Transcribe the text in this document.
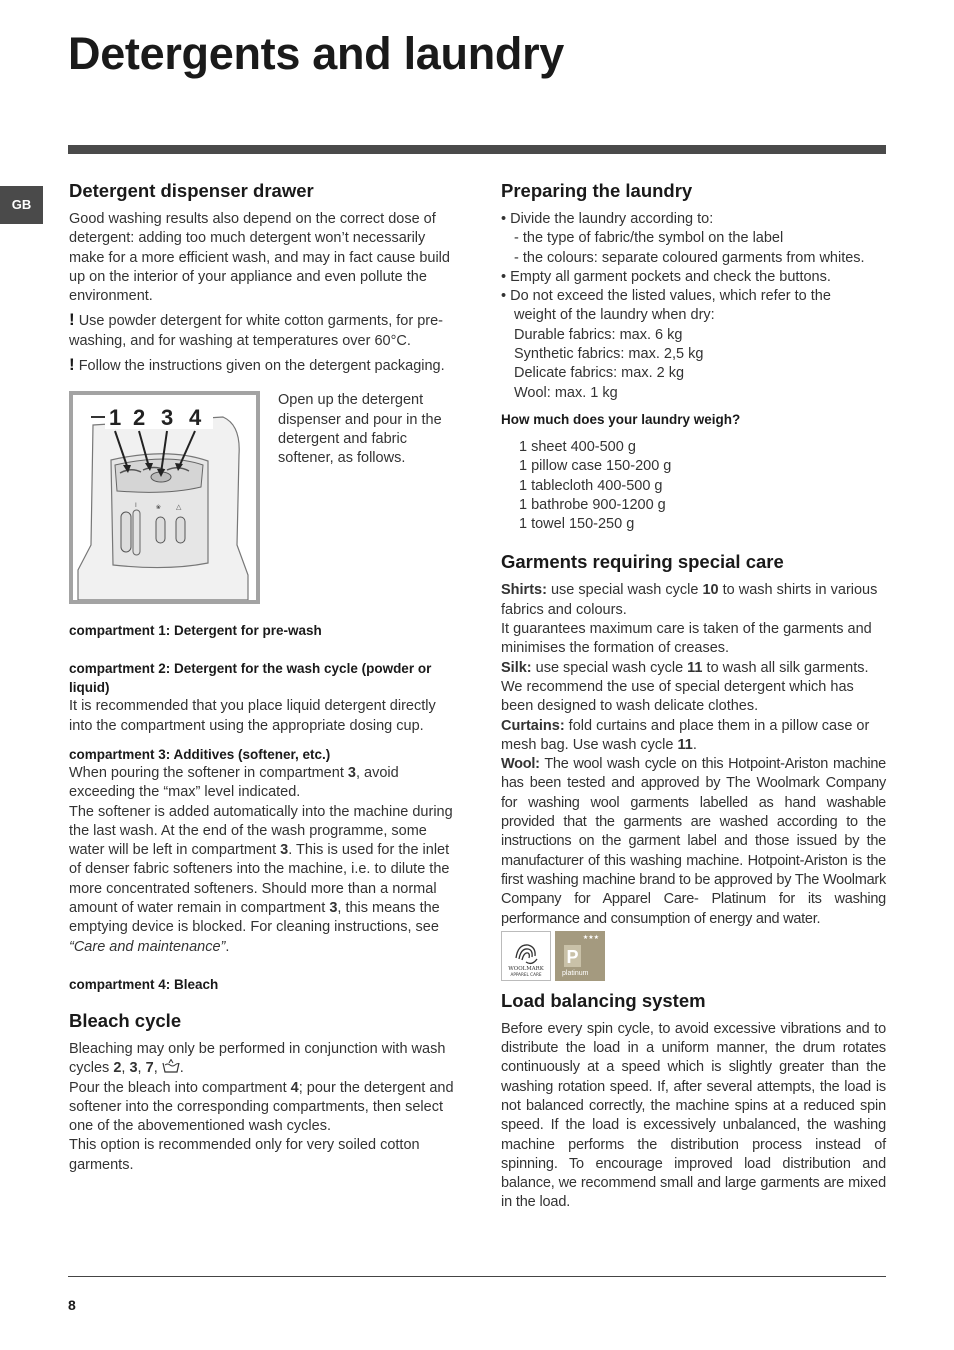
Detergents and laundry
GB
Detergent dispenser drawer

Good washing results also depend on the correct dose of detergent: adding too much detergent won’t necessarily make for a more efficient wash, and may in fact cause build up on the interior of your appliance and even pollute the environment.

! Use powder detergent for white cotton garments, for pre-washing, and for washing at temperatures over 60°C.

! Follow the instructions given on the detergent packaging.

I	❀ △
1 2 3 4

Open up the detergent dispenser and pour in the detergent and fabric softener, as follows.

compartment 1: Detergent for pre-wash

compartment 2: Detergent for the wash cycle (powder or liquid)

It is recommended that you place liquid detergent directly into the compartment using the appropriate dosing cup.

compartment 3: Additives (softener, etc.)

When pouring the softener in compartment 3, avoid exceeding the “max” level indicated.
The softener is added automatically into the machine during the last wash. At the end of the wash programme, some water will be left in compartment 3. This is used for the inlet of denser fabric softeners into the machine, i.e. to dilute the more concentrated softeners. Should more than a normal amount of water remain in compartment 3, this means the emptying device is blocked. For cleaning instructions, see “Care and maintenance”.

compartment 4: Bleach

Bleach cycle

Bleaching may only be performed in conjunction with wash cycles 2, 3, 7, .
Pour the bleach into compartment 4; pour the detergent and softener into the corresponding compartments, then select one of the abovementioned wash cycles.
This option is recommended only for very soiled cotton garments.

Preparing the laundry

• Divide the laundry according to:

- the type of fabric/the symbol on the label

- the colours: separate coloured garments from whites.

• Empty all garment pockets and check the buttons.

• Do not exceed the listed values, which refer to the

weight of the laundry when dry:

Durable fabrics: max. 6 kg

Synthetic fabrics: max. 2,5 kg

Delicate fabrics: max. 2 kg

Wool: max. 1 kg

How much does your laundry weigh?

1 sheet 400-500 g

1 pillow case 150-200 g

1 tablecloth 400-500 g

1 bathrobe 900-1200 g

1 towel 150-250 g

Garments requiring special care

Shirts: use special wash cycle 10 to wash shirts in various fabrics and colours.

It guarantees maximum care is taken of the garments and minimises the formation of creases.

Silk: use special wash cycle 11 to wash all silk garments. We recommend the use of special detergent which has been designed to wash delicate clothes.

Curtains: fold curtains and place them in a pillow case or mesh bag. Use wash cycle 11.

Wool: The wool wash cycle on this Hotpoint-Ariston machine has been tested and approved by The Woolmark Company for washing wool garments labelled as hand washable provided that the garments are washed according to the instructions on the garment label and those issued by the manufacturer of this washing machine. Hotpoint-Ariston is the first washing machine brand to be approved by The Woolmark Company for Apparel Care- Platinum for its washing performance and consumption of energy and water.

WOOLMARK
APPAREL CARE
★★★
P
platinum
Load balancing system

Before every spin cycle, to avoid excessive vibrations and to distribute the load in a uniform manner, the drum rotates continuously at a speed which is slightly greater than the washing rotation speed. If, after several attempts, the load is not balanced correctly, the machine spins at a reduced spin speed. If the load is excessively unbalanced, the washing machine performs the distribution process instead of spinning. To encourage improved load distribution and balance, we recommend small and large garments are mixed in the load.

8
